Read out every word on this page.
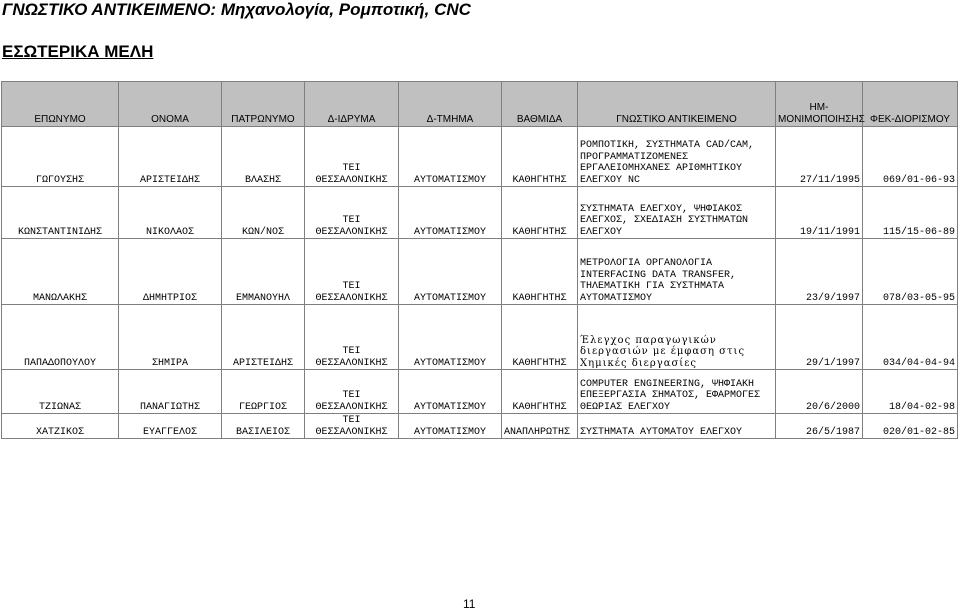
ΓΝΩΣΤΙΚΟ ΑΝΤΙΚΕΙΜΕΝΟ: Μηχανολογία, Ρομποτική, CNC
ΕΣΩΤΕΡΙΚΑ ΜΕΛΗ
ΕΠΩΝΥΜΟ	ΟΝΟΜΑ	ΠΑΤΡΩΝΥΜΟ	Δ-ΙΔΡΥΜΑ	Δ-ΤΜΗΜΑ	ΒΑΘΜΙΔΑ	ΓΝΩΣΤΙΚΟ ΑΝΤΙΚΕΙΜΕΝΟ	ΗΜ-ΜΟΝΙΜΟΠΟΙΗΣΗΣ	ΦΕΚ-ΔΙΟΡΙΣΜΟΥ
ΓΩΓΟΥΣΗΣ	ΑΡΙΣΤΕΙΔΗΣ	ΒΛΑΣΗΣ	ΤΕΙ ΘΕΣΣΑΛΟΝΙΚΗΣ	ΑΥΤΟΜΑΤΙΣΜΟΥ	ΚΑΘΗΓΗΤΗΣ	ΡΟΜΠΟΤΙΚΗ, ΣΥΣΤΗΜΑΤΑ CAD/CAM, ΠΡΟΓΡΑΜΜΑΤΙΖΟΜΕΝΕΣ ΕΡΓΑΛΕΙΟΜΗΧΑΝΕΣ ΑΡΙΘΜΗΤΙΚΟΥ ΕΛΕΓΧΟΥ NC	27/11/1995	069/01-06-93
ΚΩΝΣΤΑΝΤΙΝΙΔΗΣ	ΝΙΚΟΛΑΟΣ	ΚΩΝ/ΝΟΣ	ΤΕΙ ΘΕΣΣΑΛΟΝΙΚΗΣ	ΑΥΤΟΜΑΤΙΣΜΟΥ	ΚΑΘΗΓΗΤΗΣ	ΣΥΣΤΗΜΑΤΑ ΕΛΕΓΧΟΥ, ΨΗΦΙΑΚΟΣ ΕΛΕΓΧΟΣ, ΣΧΕΔΙΑΣΗ ΣΥΣΤΗΜΑΤΩΝ ΕΛΕΓΧΟΥ	19/11/1991	115/15-06-89
ΜΑΝΩΛΑΚΗΣ	ΔΗΜΗΤΡΙΟΣ	ΕΜΜΑΝΟΥΗΛ	ΤΕΙ ΘΕΣΣΑΛΟΝΙΚΗΣ	ΑΥΤΟΜΑΤΙΣΜΟΥ	ΚΑΘΗΓΗΤΗΣ	ΜΕΤΡΟΛΟΓΙΑ ΟΡΓΑΝΟΛΟΓΙΑ INTERFACING DATA TRANSFER, ΤΗΛΕΜΑΤΙΚΗ ΓΙΑ ΣΥΣΤΗΜΑΤΑ ΑΥΤΟΜΑΤΙΣΜΟΥ	23/9/1997	078/03-05-95
ΠΑΠΑΔΟΠΟΥΛΟΥ	ΣΗΜΙΡΑ	ΑΡΙΣΤΕΙΔΗΣ	ΤΕΙ ΘΕΣΣΑΛΟΝΙΚΗΣ	ΑΥΤΟΜΑΤΙΣΜΟΥ	ΚΑΘΗΓΗΤΗΣ	Έλεγχος παραγωγικών διεργασιών με έμφαση στις Χημικές διεργασίες	29/1/1997	034/04-04-94
ΤΖΙΩΝΑΣ	ΠΑΝΑΓΙΩΤΗΣ	ΓΕΩΡΓΙΟΣ	ΤΕΙ ΘΕΣΣΑΛΟΝΙΚΗΣ	ΑΥΤΟΜΑΤΙΣΜΟΥ	ΚΑΘΗΓΗΤΗΣ	COMPUTER ENGINEERING, ΨΗΦΙΑΚΗ ΕΠΕΞΕΡΓΑΣΙΑ ΣΗΜΑΤΟΣ, ΕΦΑΡΜΟΓΕΣ ΘΕΩΡΙΑΣ ΕΛΕΓΧΟΥ	20/6/2000	18/04-02-98
ΧΑΤΖΙΚΟΣ	ΕΥΑΓΓΕΛΟΣ	ΒΑΣΙΛΕΙΟΣ	ΤΕΙ ΘΕΣΣΑΛΟΝΙΚΗΣ	ΑΥΤΟΜΑΤΙΣΜΟΥ	ΑΝΑΠΛΗΡΩΤΗΣ	ΣΥΣΤΗΜΑΤΑ ΑΥΤΟΜΑΤΟΥ ΕΛΕΓΧΟΥ	26/5/1987	020/01-02-85
11
